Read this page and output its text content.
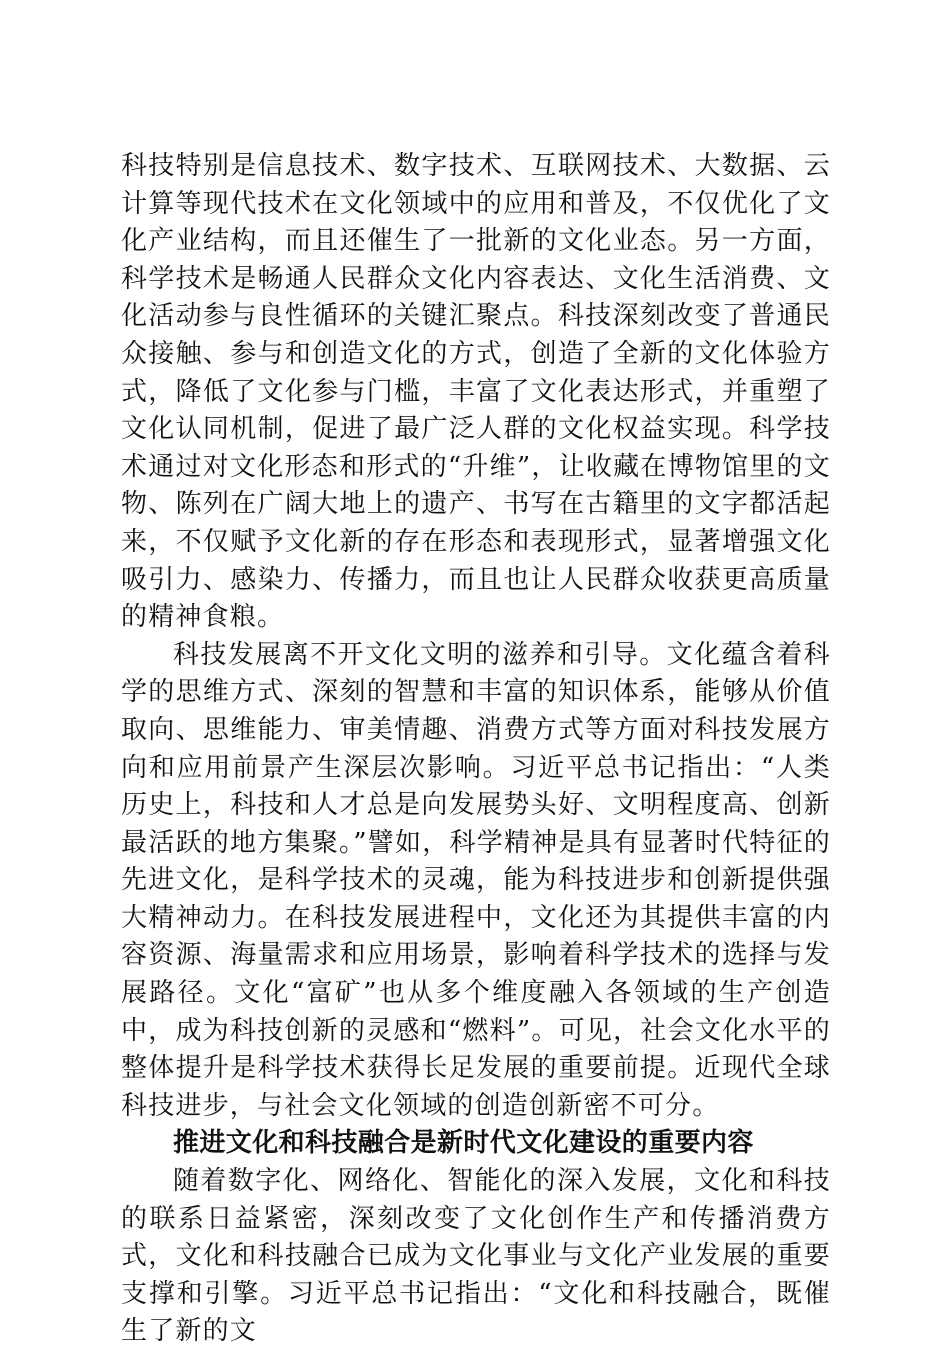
科技特别是信息技术、数字技术、互联网技术、大数据、云计算等现代技术在文化领域中的应用和普及，不仅优化了文化产业结构，而且还催生了一批新的文化业态。另一方面，科学技术是畅通人民群众文化内容表达、文化生活消费、文化活动参与良性循环的关键汇聚点。科技深刻改变了普通民众接触、参与和创造文化的方式，创造了全新的文化体验方式，降低了文化参与门槛，丰富了文化表达形式，并重塑了文化认同机制，促进了最广泛人群的文化权益实现。科学技术通过对文化形态和形式的“升维”，让收藏在博物馆里的文物、陈列在广阔大地上的遗产、书写在古籍里的文字都活起来，不仅赋予文化新的存在形态和表现形式，显著增强文化吸引力、感染力、传播力，而且也让人民群众收获更高质量的精神食粮。

科技发展离不开文化文明的滋养和引导。文化蕴含着科学的思维方式、深刻的智慧和丰富的知识体系，能够从价值取向、思维能力、审美情趣、消费方式等方面对科技发展方向和应用前景产生深层次影响。习近平总书记指出：“人类历史上，科技和人才总是向发展势头好、文明程度高、创新最活跃的地方集聚。”譬如，科学精神是具有显著时代特征的先进文化，是科学技术的灵魂，能为科技进步和创新提供强大精神动力。在科技发展进程中，文化还为其提供丰富的内容资源、海量需求和应用场景，影响着科学技术的选择与发展路径。文化“富矿”也从多个维度融入各领域的生产创造中，成为科技创新的灵感和“燃料”。可见，社会文化水平的整体提升是科学技术获得长足发展的重要前提。近现代全球科技进步，与社会文化领域的创造创新密不可分。

推进文化和科技融合是新时代文化建设的重要内容

随着数字化、网络化、智能化的深入发展，文化和科技的联系日益紧密，深刻改变了文化创作生产和传播消费方式，文化和科技融合已成为文化事业与文化产业发展的重要支撑和引擎。习近平总书记指出：“文化和科技融合，既催生了新的文
